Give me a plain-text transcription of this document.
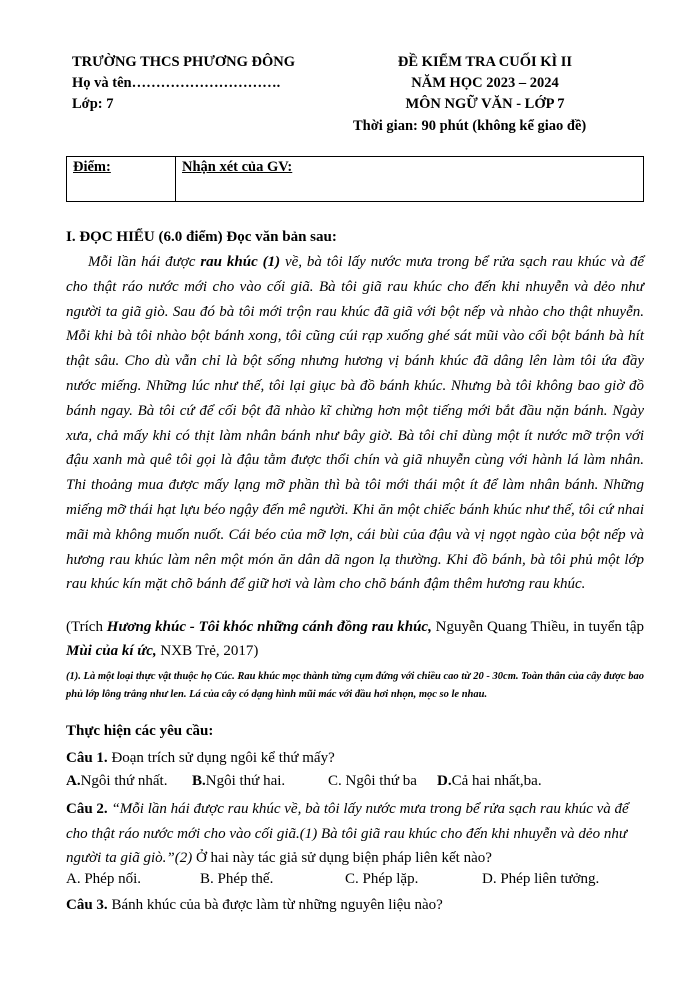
TRƯỜNG THCS PHƯƠNG ĐÔNG
Họ và tên………………………….
Lớp: 7
ĐỀ KIỂM TRA CUỐI KÌ II
NĂM HỌC 2023 – 2024
MÔN NGỮ VĂN - LỚP 7
Thời gian: 90 phút (không kể giao đề)
Điểm:	Nhận xét của GV:
I. ĐỌC HIỂU (6.0 điểm) Đọc văn bản sau:
Mỗi lần hái được rau khúc (1) về, bà tôi lấy nước mưa trong bể rửa sạch rau khúc và để cho thật ráo nước mới cho vào cối giã. Bà tôi giã rau khúc cho đến khi nhuyễn và dẻo như người ta giã giò. Sau đó bà tôi mới trộn rau khúc đã giã với bột nếp và nhào cho thật nhuyễn. Mỗi khi bà tôi nhào bột bánh xong, tôi cũng cúi rạp xuống ghé sát mũi vào cối bột bánh bà hít thật sâu. Cho dù vẫn chỉ là bột sống nhưng hương vị bánh khúc đã dâng lên làm tôi ứa đầy nước miếng. Những lúc như thế, tôi lại giục bà đồ bánh khúc. Nhưng bà tôi không bao giờ đồ bánh ngay. Bà tôi cứ để cối bột đã nhào kĩ chừng hơn một tiếng mới bắt đầu nặn bánh. Ngày xưa, chả mấy khi có thịt làm nhân bánh như bây giờ. Bà tôi chỉ dùng một ít nước mỡ trộn với đậu xanh mà quê tôi gọi là đậu tằm được thổi chín và giã nhuyễn cùng với hành lá làm nhân. Thi thoảng mua được mấy lạng mỡ phần thì bà tôi mới thái một ít để làm nhân bánh. Những miếng mỡ thái hạt lựu béo ngậy đến mê người. Khi ăn một chiếc bánh khúc như thế, tôi cứ nhai mãi mà không muốn nuốt. Cái béo của mỡ lợn, cái bùi của đậu và vị ngọt ngào của bột nếp và hương rau khúc làm nên một món ăn dân dã ngon lạ thường. Khi đồ bánh, bà tôi phủ một lớp rau khúc kín mặt chõ bánh để giữ hơi và làm cho chõ bánh đậm thêm hương rau khúc.
(Trích Hương khúc - Tôi khóc những cánh đồng rau khúc, Nguyễn Quang Thiều, in tuyển tập Mùi của kí ức, NXB Trẻ, 2017)
(1). Là một loại thực vật thuộc họ Cúc. Rau khúc mọc thành từng cụm đứng với chiều cao từ 20 - 30cm. Toàn thân của cây được bao phủ lớp lông trắng như len. Lá của cây có dạng hình mũi mác với đầu hơi nhọn, mọc so le nhau.
Thực hiện các yêu cầu:
Câu 1. Đoạn trích sử dụng ngôi kể thứ mấy?
A. Ngôi thứ nhất. B. Ngôi thứ hai.	C. Ngôi thứ ba D. Cả hai nhất,ba.
Câu 2. “Mỗi lần hái được rau khúc về, bà tôi lấy nước mưa trong bể rửa sạch rau khúc và để cho thật ráo nước mới cho vào cối giã.(1) Bà tôi giã rau khúc cho đến khi nhuyễn và dẻo như người ta giã giò.”(2) Ở hai này tác giả sử dụng biện pháp liên kết nào?
A. Phép nối.	B. Phép thế.	C. Phép lặp.	D. Phép liên tưởng.
Câu 3. Bánh khúc của bà được làm từ những nguyên liệu nào?
